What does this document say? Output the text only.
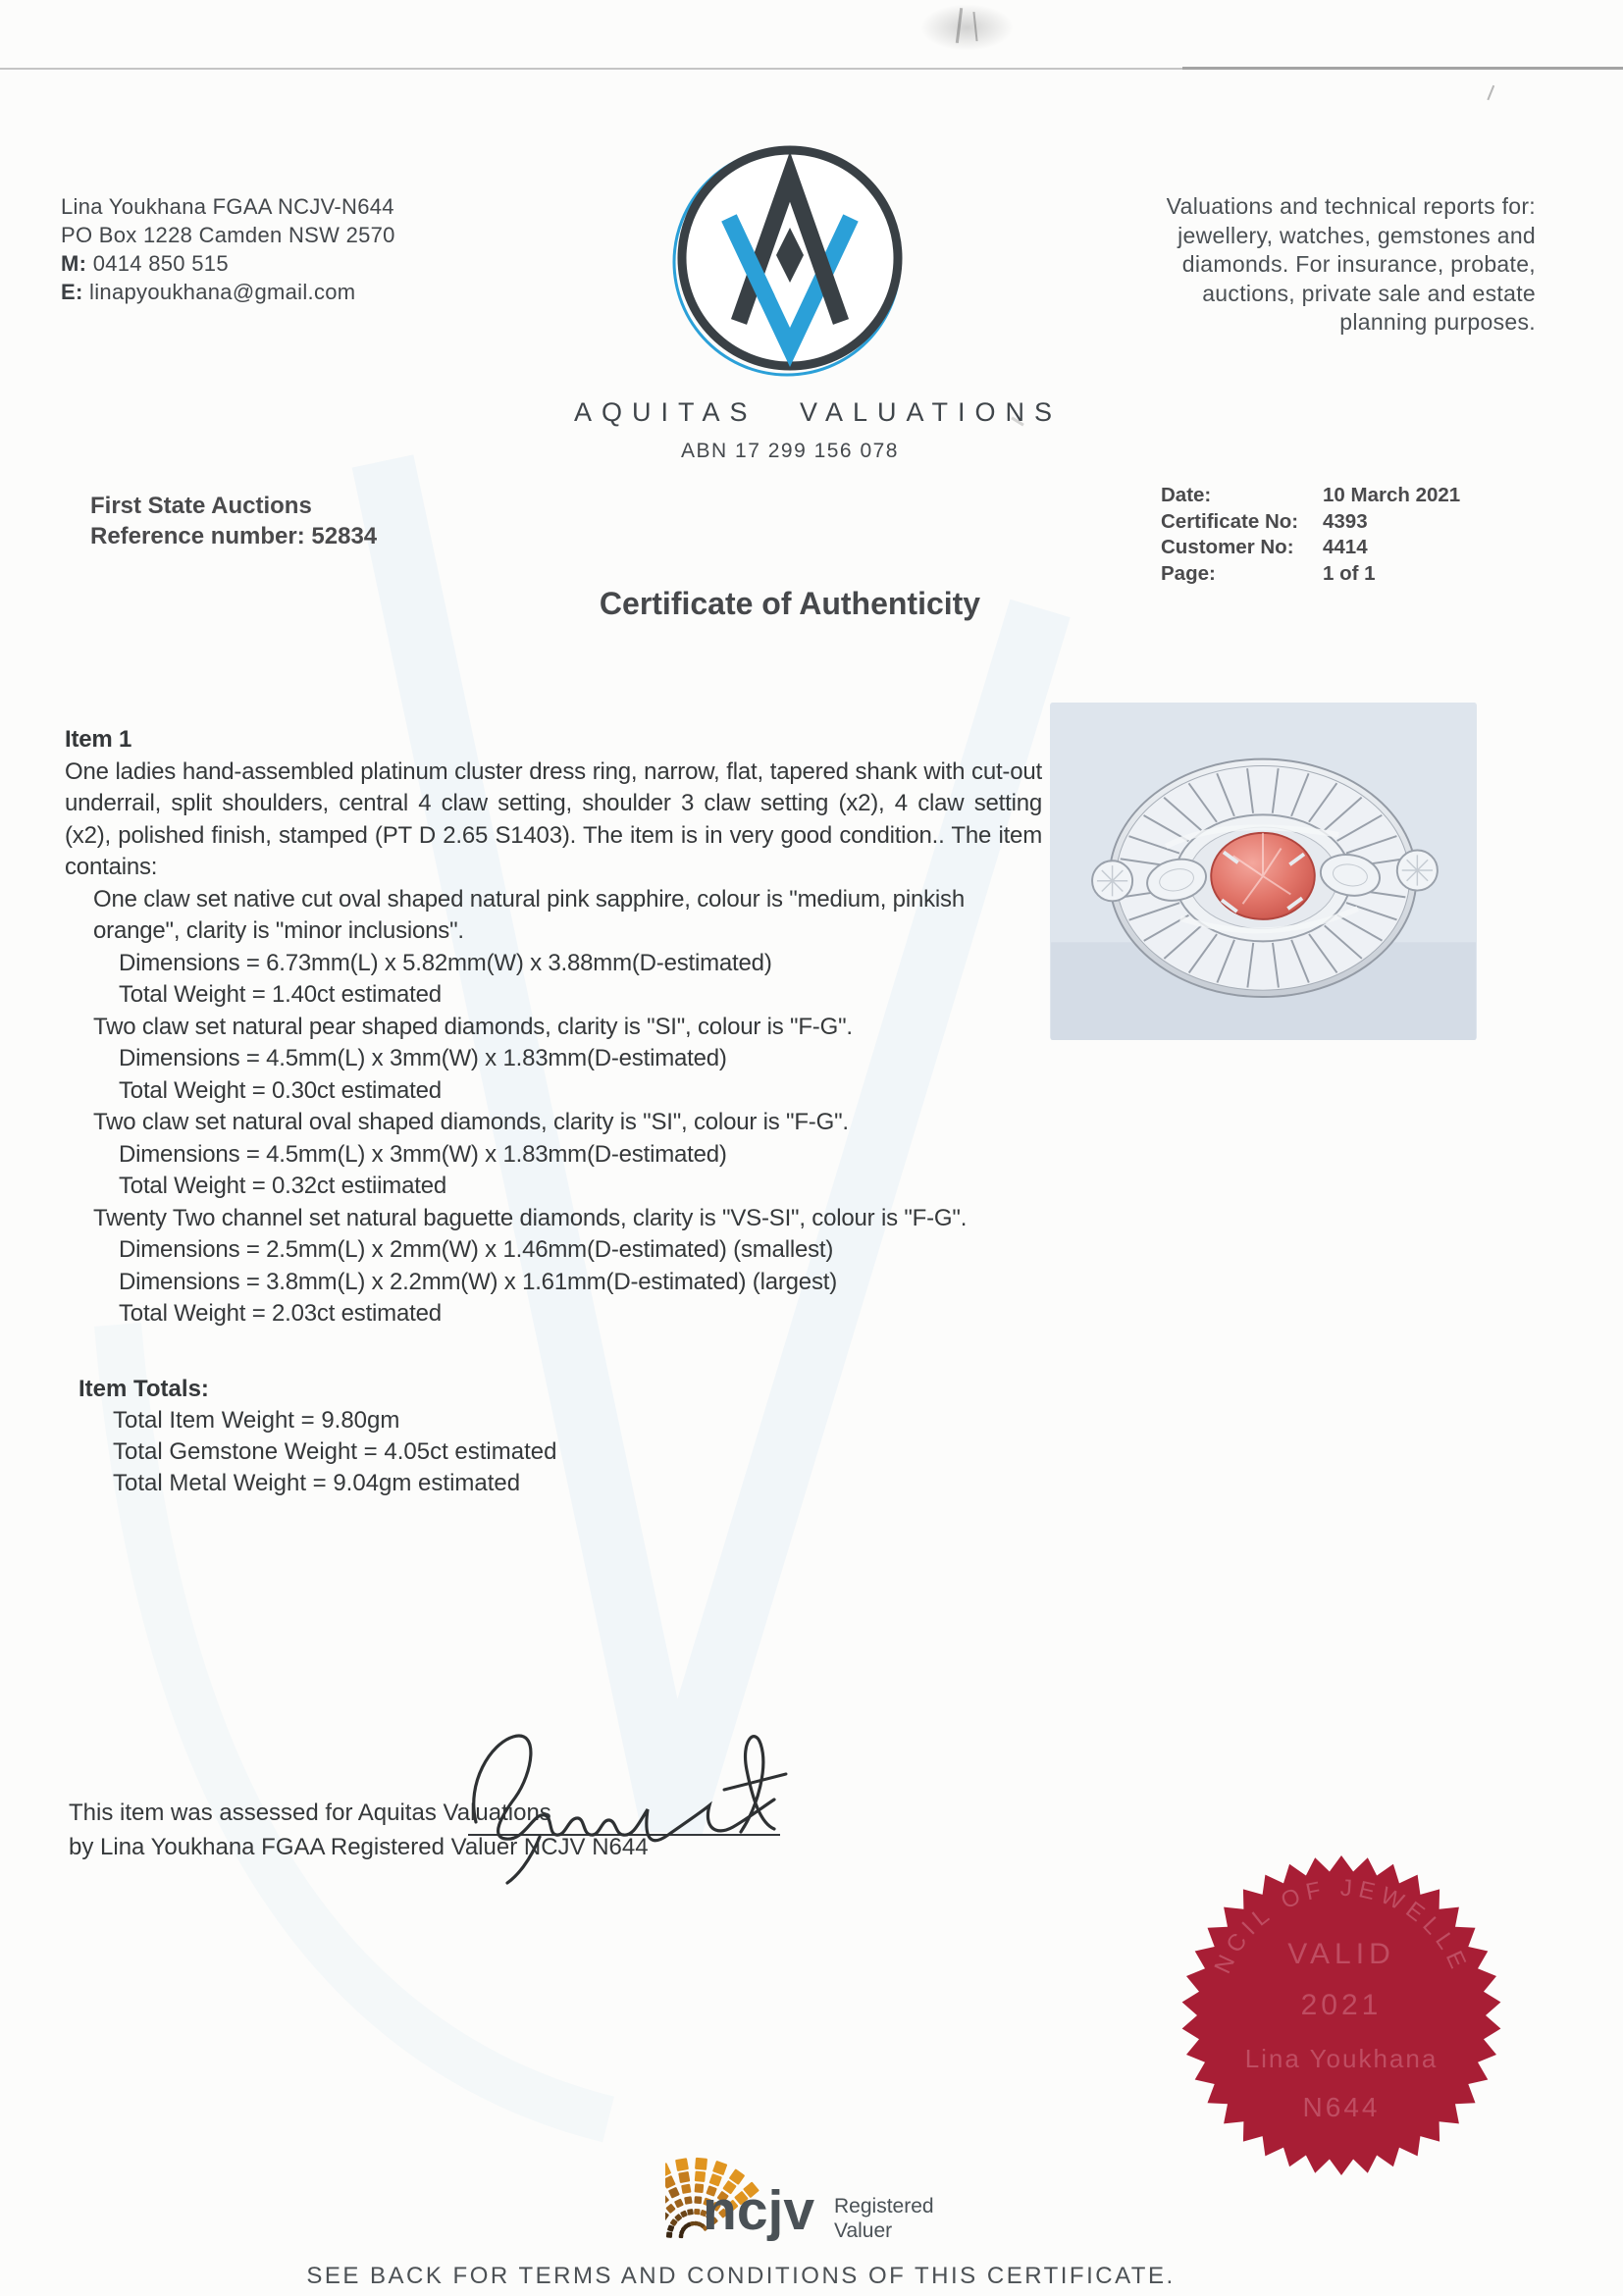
Lina Youkhana FGAA NCJV-N644
PO Box 1228 Camden NSW 2570
M: 0414 850 515
E: linapyoukhana@gmail.com
AQUITAS VALUATIONS
ABN 17 299 156 078
Valuations and technical reports for:
jewellery, watches, gemstones and
diamonds. For insurance, probate,
auctions, private sale and estate
planning purposes.
First State Auctions
Reference number: 52834
Date:	10 March 2021
Certificate No:	4393
Customer No:	4414
Page:	1 of 1
Certificate of Authenticity
Item 1
One ladies hand-assembled platinum cluster dress ring, narrow, flat, tapered shank with cut-out underrail, split shoulders, central 4 claw setting, shoulder 3 claw setting (x2), 4 claw setting (x2), polished finish, stamped (PT D 2.65 S1403). The item is in very good condition.. The item contains:
One claw set native cut oval shaped natural pink sapphire, colour is "medium, pinkish orange", clarity is "minor inclusions".
Dimensions = 6.73mm(L) x 5.82mm(W) x 3.88mm(D-estimated)
Total Weight = 1.40ct estimated
Two claw set natural pear shaped diamonds, clarity is "SI", colour is "F-G".
Dimensions = 4.5mm(L) x 3mm(W) x 1.83mm(D-estimated)
Total Weight = 0.30ct estimated
Two claw set natural oval shaped diamonds, clarity is "SI", colour is "F-G".
Dimensions = 4.5mm(L) x 3mm(W) x 1.83mm(D-estimated)
Total Weight = 0.32ct estiimated
Twenty Two channel set natural baguette diamonds, clarity is "VS-SI", colour is "F-G".
Dimensions = 2.5mm(L) x 2mm(W) x 1.46mm(D-estimated) (smallest)
Dimensions = 3.8mm(L) x 2.2mm(W) x 1.61mm(D-estimated) (largest)
Total Weight = 2.03ct estimated
Item Totals:
Total Item Weight = 9.80gm
Total Gemstone Weight = 4.05ct estimated
Total Metal Weight = 9.04gm estimated
This item was assessed for Aquitas Valuations
by Lina Youkhana FGAA Registered Valuer NCJV N644
NCIL OF JEWELLE
VALID
2021
Lina Youkhana
N644
ncjv Registered
Valuer
SEE BACK FOR TERMS AND CONDITIONS OF THIS CERTIFICATE.
